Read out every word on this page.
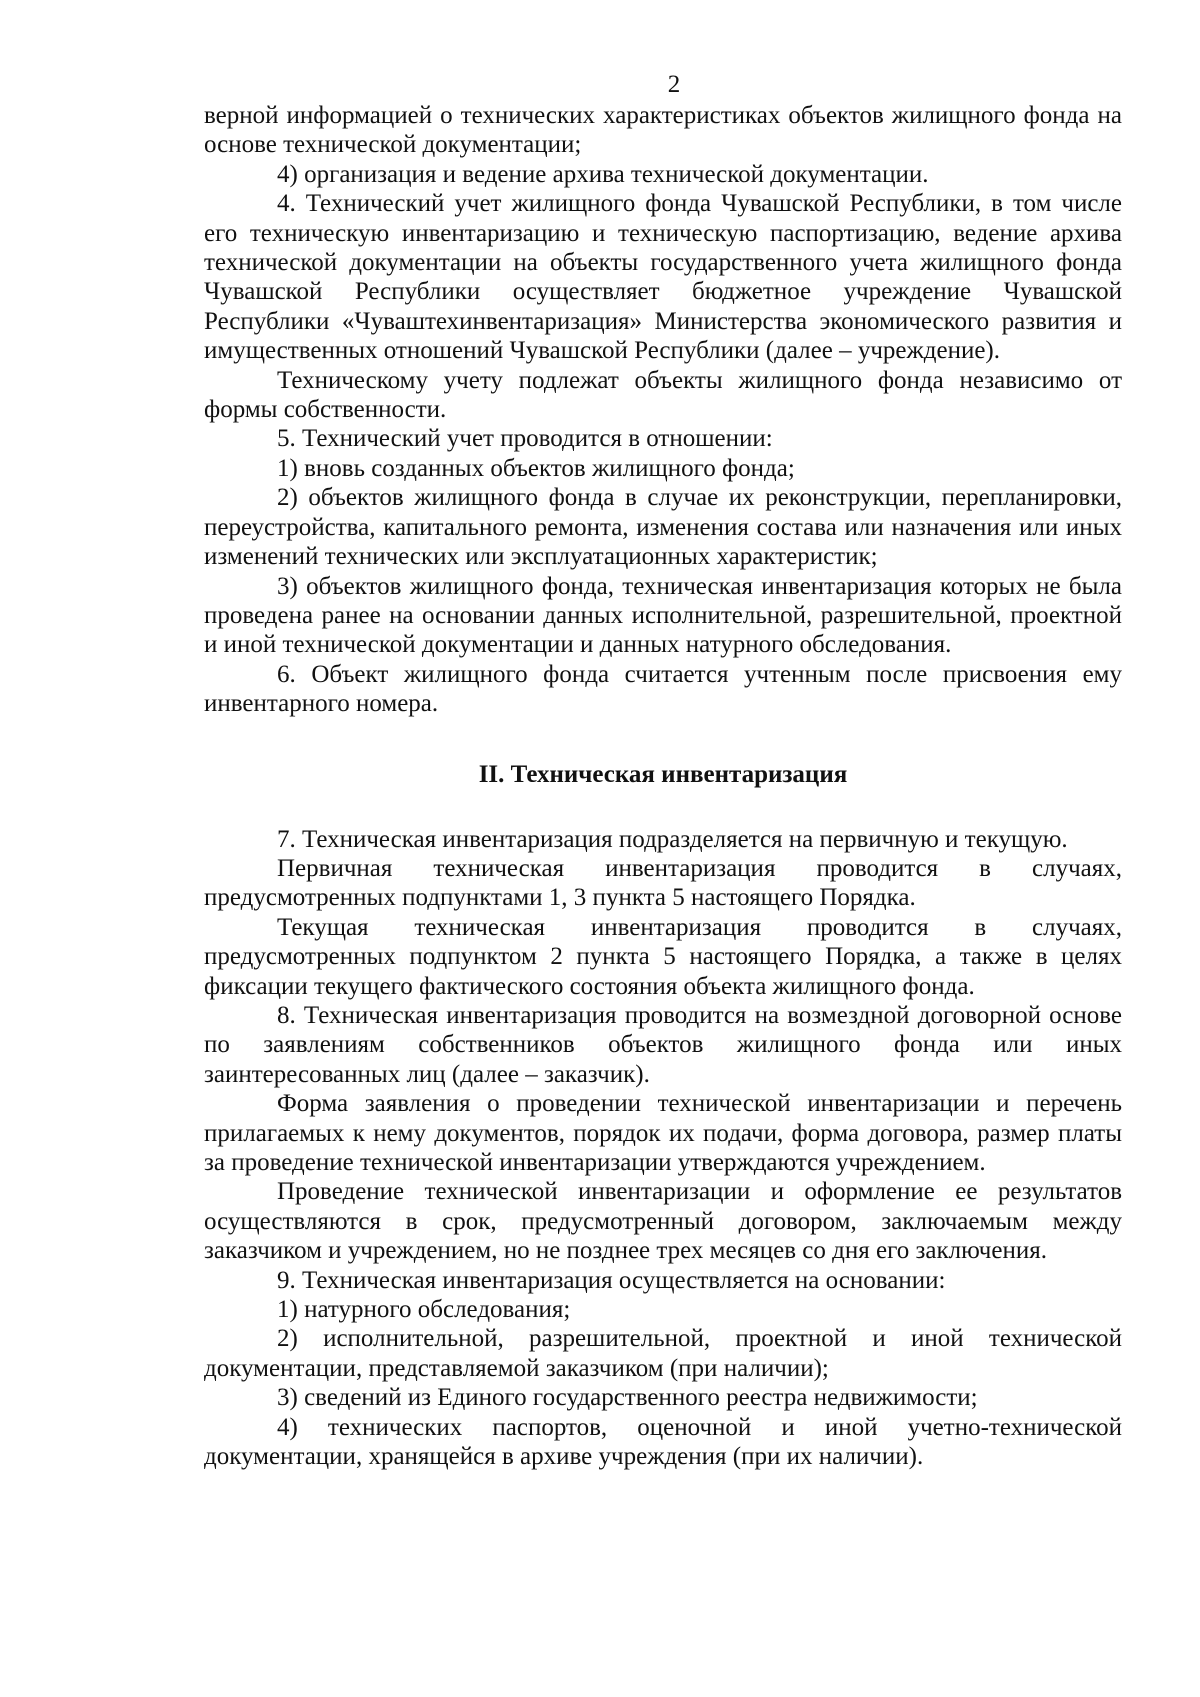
2

верной информацией о технических характеристиках объектов жилищного фонда на основе технической документации;

4) организация и ведение архива технической документации.

4. Технический учет жилищного фонда Чувашской Республики, в том числе его техническую инвентаризацию и техническую паспортизацию, ведение архива технической документации на объекты государственного учета жилищного фонда Чувашской Республики осуществляет бюджетное учреждение Чувашской Республики «Чуваштехинвентаризация» Министерства экономического развития и имущественных отношений Чувашской Республики (далее – учреждение).

Техническому учету подлежат объекты жилищного фонда независимо от формы собственности.

5. Технический учет проводится в отношении:

1) вновь созданных объектов жилищного фонда;

2) объектов жилищного фонда в случае их реконструкции, перепланировки, переустройства, капитального ремонта, изменения состава или назначения или иных изменений технических или эксплуатационных характеристик;

3) объектов жилищного фонда, техническая инвентаризация которых не была проведена ранее на основании данных исполнительной, разрешительной, проектной и иной технической документации и данных натурного обследования.

6. Объект жилищного фонда считается учтенным после присвоения ему инвентарного номера.

II. Техническая инвентаризация

7. Техническая инвентаризация подразделяется на первичную и текущую.

Первичная техническая инвентаризация проводится в случаях, предусмотренных подпунктами 1, 3 пункта 5 настоящего Порядка.

Текущая техническая инвентаризация проводится в случаях, предусмотренных подпунктом 2 пункта 5 настоящего Порядка, а также в целях фиксации текущего фактического состояния объекта жилищного фонда.

8. Техническая инвентаризация проводится на возмездной договорной основе по заявлениям собственников объектов жилищного фонда или иных заинтересованных лиц (далее – заказчик).

Форма заявления о проведении технической инвентаризации и перечень прилагаемых к нему документов, порядок их подачи, форма договора, размер платы за проведение технической инвентаризации утверждаются учреждением.

Проведение технической инвентаризации и оформление ее результатов осуществляются в срок, предусмотренный договором, заключаемым между заказчиком и учреждением, но не позднее трех месяцев со дня его заключения.

9. Техническая инвентаризация осуществляется на основании:

1) натурного обследования;

2) исполнительной, разрешительной, проектной и иной технической документации, представляемой заказчиком (при наличии);

3) сведений из Единого государственного реестра недвижимости;

4) технических паспортов, оценочной и иной учетно-технической документации, хранящейся в архиве учреждения (при их наличии).
